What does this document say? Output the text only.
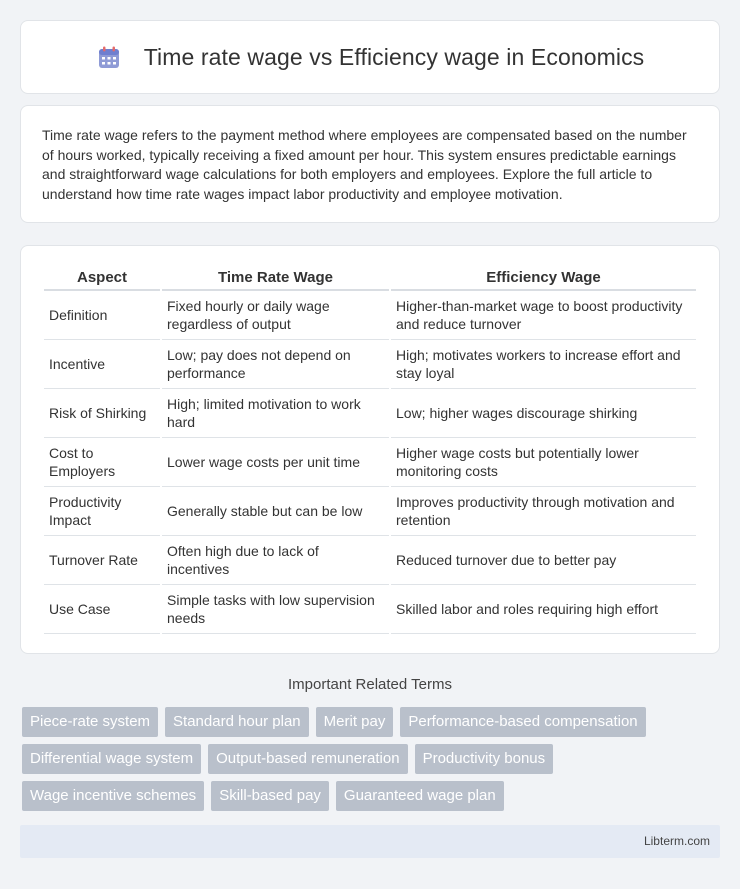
Time rate wage vs Efficiency wage in Economics

Time rate wage refers to the payment method where employees are compensated based on the number of hours worked, typically receiving a fixed amount per hour. This system ensures predictable earnings and straightforward wage calculations for both employers and employees. Explore the full article to understand how time rate wages impact labor productivity and employee motivation.

Aspect	Time Rate Wage	Efficiency Wage
Definition	Fixed hourly or daily wage regardless of output	Higher-than-market wage to boost productivity and reduce turnover
Incentive	Low; pay does not depend on performance	High; motivates workers to increase effort and stay loyal
Risk of Shirking	High; limited motivation to work hard	Low; higher wages discourage shirking
Cost to Employers	Lower wage costs per unit time	Higher wage costs but potentially lower monitoring costs
Productivity Impact	Generally stable but can be low	Improves productivity through motivation and retention
Turnover Rate	Often high due to lack of incentives	Reduced turnover due to better pay
Use Case	Simple tasks with low supervision needs	Skilled labor and roles requiring high effort
Important Related Terms
Piece-rate system	Standard hour plan	Merit pay	Performance-based compensation
Differential wage system	Output-based remuneration	Productivity bonus
Wage incentive schemes	Skill-based pay	Guaranteed wage plan
Libterm.com
